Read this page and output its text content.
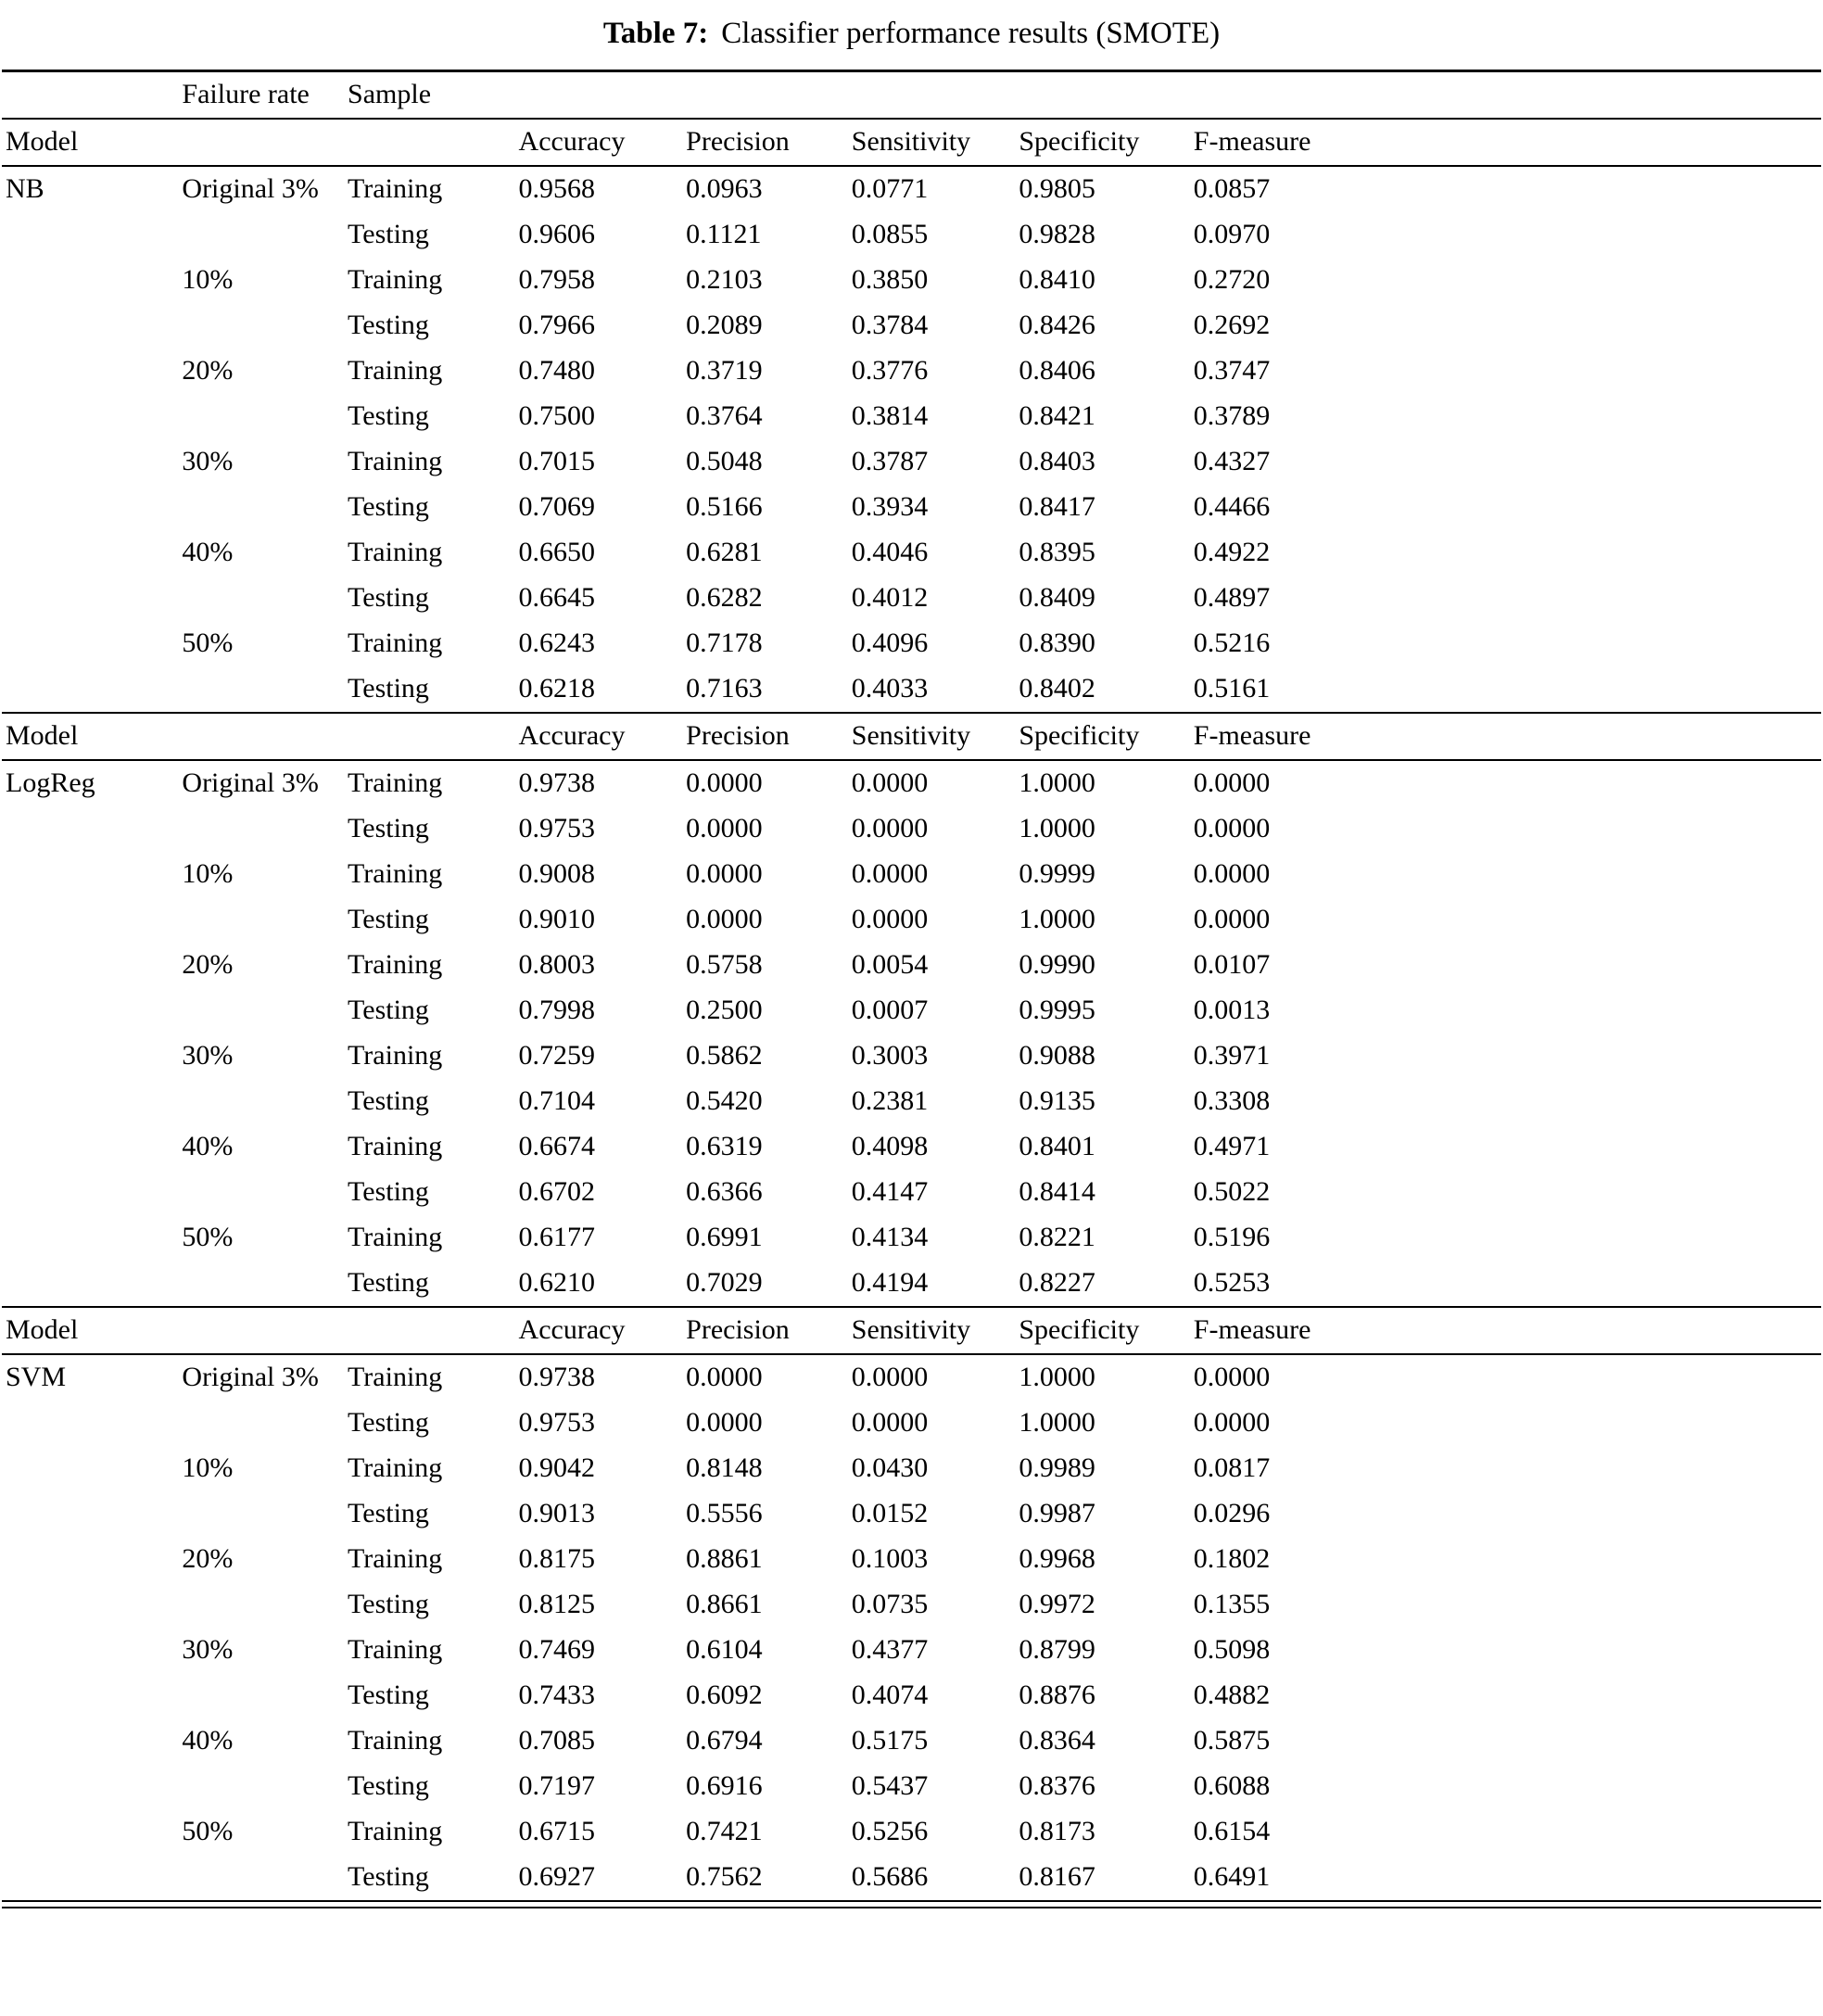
Table 7: Classifier performance results (SMOTE)
	Failure rate	Sample					
Model			Accuracy	Precision	Sensitivity	Specificity	F-measure
NB	Original 3%	Training	0.9568	0.0963	0.0771	0.9805	0.0857
		Testing	0.9606	0.1121	0.0855	0.9828	0.0970
	10%	Training	0.7958	0.2103	0.3850	0.8410	0.2720
		Testing	0.7966	0.2089	0.3784	0.8426	0.2692
	20%	Training	0.7480	0.3719	0.3776	0.8406	0.3747
		Testing	0.7500	0.3764	0.3814	0.8421	0.3789
	30%	Training	0.7015	0.5048	0.3787	0.8403	0.4327
		Testing	0.7069	0.5166	0.3934	0.8417	0.4466
	40%	Training	0.6650	0.6281	0.4046	0.8395	0.4922
		Testing	0.6645	0.6282	0.4012	0.8409	0.4897
	50%	Training	0.6243	0.7178	0.4096	0.8390	0.5216
		Testing	0.6218	0.7163	0.4033	0.8402	0.5161
Model			Accuracy	Precision	Sensitivity	Specificity	F-measure
LogReg	Original 3%	Training	0.9738	0.0000	0.0000	1.0000	0.0000
		Testing	0.9753	0.0000	0.0000	1.0000	0.0000
	10%	Training	0.9008	0.0000	0.0000	0.9999	0.0000
		Testing	0.9010	0.0000	0.0000	1.0000	0.0000
	20%	Training	0.8003	0.5758	0.0054	0.9990	0.0107
		Testing	0.7998	0.2500	0.0007	0.9995	0.0013
	30%	Training	0.7259	0.5862	0.3003	0.9088	0.3971
		Testing	0.7104	0.5420	0.2381	0.9135	0.3308
	40%	Training	0.6674	0.6319	0.4098	0.8401	0.4971
		Testing	0.6702	0.6366	0.4147	0.8414	0.5022
	50%	Training	0.6177	0.6991	0.4134	0.8221	0.5196
		Testing	0.6210	0.7029	0.4194	0.8227	0.5253
Model			Accuracy	Precision	Sensitivity	Specificity	F-measure
SVM	Original 3%	Training	0.9738	0.0000	0.0000	1.0000	0.0000
		Testing	0.9753	0.0000	0.0000	1.0000	0.0000
	10%	Training	0.9042	0.8148	0.0430	0.9989	0.0817
		Testing	0.9013	0.5556	0.0152	0.9987	0.0296
	20%	Training	0.8175	0.8861	0.1003	0.9968	0.1802
		Testing	0.8125	0.8661	0.0735	0.9972	0.1355
	30%	Training	0.7469	0.6104	0.4377	0.8799	0.5098
		Testing	0.7433	0.6092	0.4074	0.8876	0.4882
	40%	Training	0.7085	0.6794	0.5175	0.8364	0.5875
		Testing	0.7197	0.6916	0.5437	0.8376	0.6088
	50%	Training	0.6715	0.7421	0.5256	0.8173	0.6154
		Testing	0.6927	0.7562	0.5686	0.8167	0.6491
